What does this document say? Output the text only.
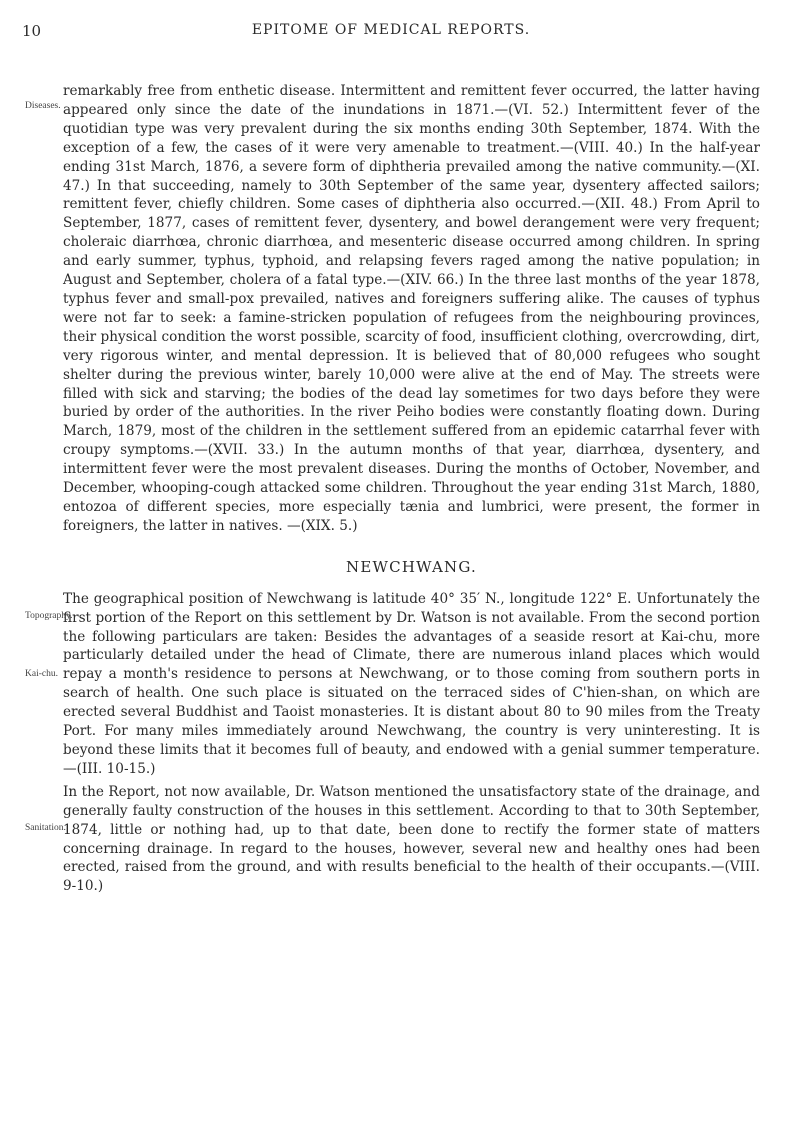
10	EPITOME OF MEDICAL REPORTS.
Diseases.
remarkably free from enthetic disease. Intermittent and remittent fever occurred, the latter having appeared only since the date of the inundations in 1871.—(VI. 52.) Intermittent fever of the quotidian type was very prevalent during the six months ending 30th September, 1874. With the exception of a few, the cases of it were very amenable to treatment.—(VIII. 40.) In the half-year ending 31st March, 1876, a severe form of diphtheria prevailed among the native community.—(XI. 47.) In that succeeding, namely to 30th September of the same year, dysentery affected sailors; remittent fever, chiefly children. Some cases of diphtheria also occurred.—(XII. 48.) From April to September, 1877, cases of remittent fever, dysentery, and bowel derangement were very frequent; choleraic diarrhœa, chronic diarrhœa, and mesenteric disease occurred among children. In spring and early summer, typhus, typhoid, and relapsing fevers raged among the native population; in August and September, cholera of a fatal type.—(XIV. 66.) In the three last months of the year 1878, typhus fever and small-pox prevailed, natives and foreigners suffering alike. The causes of typhus were not far to seek: a famine-stricken population of refugees from the neighbouring provinces, their physical condition the worst possible, scarcity of food, insufficient clothing, overcrowding, dirt, very rigorous winter, and mental depression. It is believed that of 80,000 refugees who sought shelter during the previous winter, barely 10,000 were alive at the end of May. The streets were filled with sick and starving; the bodies of the dead lay sometimes for two days before they were buried by order of the authorities. In the river Peiho bodies were constantly floating down. During March, 1879, most of the children in the settlement suffered from an epidemic catarrhal fever with croupy symptoms.—(XVII. 33.) In the autumn months of that year, diarrhœa, dysentery, and intermittent fever were the most prevalent diseases. During the months of October, November, and December, whooping-cough attacked some children. Throughout the year ending 31st March, 1880, entozoa of different species, more especially tænia and lumbrici, were present, the former in foreigners, the latter in natives. —(XIX. 5.)
NEWCHWANG.
Topography.
Kai-chu.
The geographical position of Newchwang is latitude 40° 35′ N., longitude 122° E. Unfortunately the first portion of the Report on this settlement by Dr. Watson is not available. From the second portion the following particulars are taken: Besides the advantages of a seaside resort at Kai-chu, more particularly detailed under the head of Climate, there are numerous inland places which would repay a month's residence to persons at Newchwang, or to those coming from southern ports in search of health. One such place is situated on the terraced sides of C'hien-shan, on which are erected several Buddhist and Taoist monasteries. It is distant about 80 to 90 miles from the Treaty Port. For many miles immediately around Newchwang, the country is very uninteresting. It is beyond these limits that it becomes full of beauty, and endowed with a genial summer temperature.—(III. 10-15.)
Sanitation.
In the Report, not now available, Dr. Watson mentioned the unsatisfactory state of the drainage, and generally faulty construction of the houses in this settlement. According to that to 30th September, 1874, little or nothing had, up to that date, been done to rectify the former state of matters concerning drainage. In regard to the houses, however, several new and healthy ones had been erected, raised from the ground, and with results beneficial to the health of their occupants.—(VIII. 9-10.)
